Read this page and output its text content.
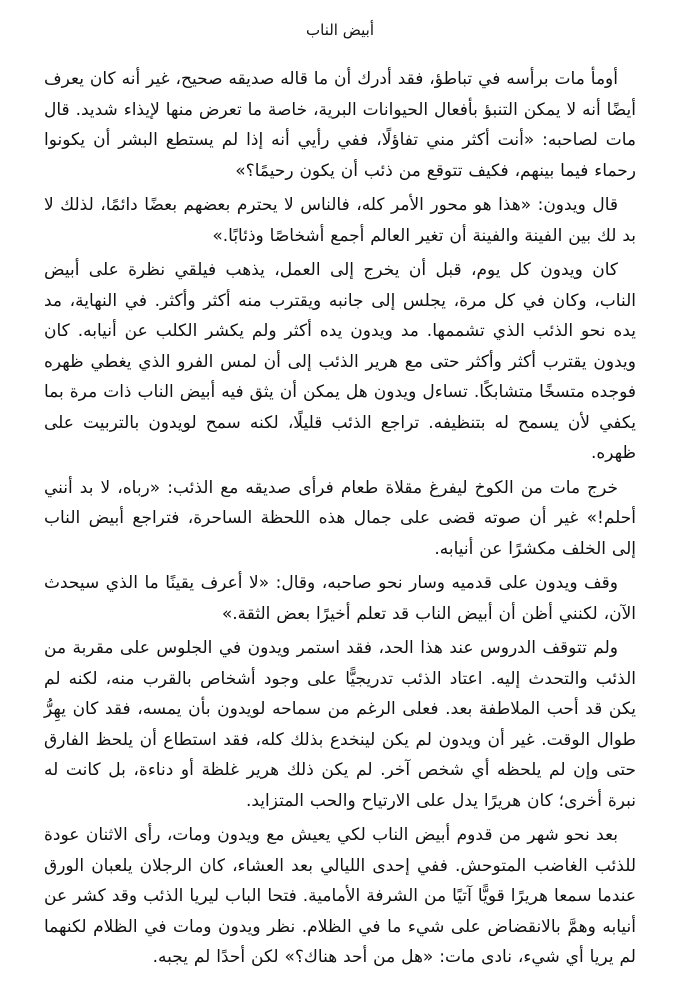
أبيض الناب

أومأ مات برأسه في تباطؤ، فقد أدرك أن ما قاله صديقه صحيح، غير أنه كان يعرف أيضًا أنه لا يمكن التنبؤ بأفعال الحيوانات البرية، خاصة ما تعرض منها لإيذاء شديد. قال مات لصاحبه: «أنت أكثر مني تفاؤلًا، ففي رأيي أنه إذا لم يستطع البشر أن يكونوا رحماء فيما بينهم، فكيف تتوقع من ذئب أن يكون رحيمًا؟»

قال ويدون: «هذا هو محور الأمر كله، فالناس لا يحترم بعضهم بعضًا دائمًا، لذلك لا بد لك بين الفينة والفينة أن تغير العالم أجمع أشخاصًا وذئابًا.»

كان ويدون كل يوم، قبل أن يخرج إلى العمل، يذهب فيلقي نظرة على أبيض الناب، وكان في كل مرة، يجلس إلى جانبه ويقترب منه أكثر وأكثر. في النهاية، مد يده نحو الذئب الذي تشممها. مد ويدون يده أكثر ولم يكشر الكلب عن أنيابه. كان ويدون يقترب أكثر وأكثر حتى مع هرير الذئب إلى أن لمس الفرو الذي يغطي ظهره فوجده متسخًا متشابكًا. تساءل ويدون هل يمكن أن يثق فيه أبيض الناب ذات مرة بما يكفي لأن يسمح له بتنظيفه. تراجع الذئب قليلًا، لكنه سمح لويدون بالتربيت على ظهره.

خرج مات من الكوخ ليفرغ مقلاة طعام فرأى صديقه مع الذئب: «رباه، لا بد أنني أحلم!» غير أن صوته قضى على جمال هذه اللحظة الساحرة، فتراجع أبيض الناب إلى الخلف مكشرًا عن أنيابه.

وقف ويدون على قدميه وسار نحو صاحبه، وقال: «لا أعرف يقينًا ما الذي سيحدث الآن، لكنني أظن أن أبيض الناب قد تعلم أخيرًا بعض الثقة.»

ولم تتوقف الدروس عند هذا الحد، فقد استمر ويدون في الجلوس على مقربة من الذئب والتحدث إليه. اعتاد الذئب تدريجيًّا على وجود أشخاص بالقرب منه، لكنه لم يكن قد أحب الملاطفة بعد. فعلى الرغم من سماحه لويدون بأن يمسه، فقد كان يهِرُّ طوال الوقت. غير أن ويدون لم يكن لينخدع بذلك كله، فقد استطاع أن يلحظ الفارق حتى وإن لم يلحظه أي شخص آخر. لم يكن ذلك هرير غلظة أو دناءة، بل كانت له نبرة أخرى؛ كان هريرًا يدل على الارتياح والحب المتزايد.

بعد نحو شهر من قدوم أبيض الناب لكي يعيش مع ويدون ومات، رأى الاثنان عودة للذئب الغاضب المتوحش. ففي إحدى الليالي بعد العشاء، كان الرجلان يلعبان الورق عندما سمعا هريرًا قويًّا آتيًا من الشرفة الأمامية. فتحا الباب ليريا الذئب وقد كشر عن أنيابه وهمَّ بالانقضاض على شيء ما في الظلام. نظر ويدون ومات في الظلام لكنهما لم يريا أي شيء، نادى مات: «هل من أحد هناك؟» لكن أحدًا لم يجبه.
